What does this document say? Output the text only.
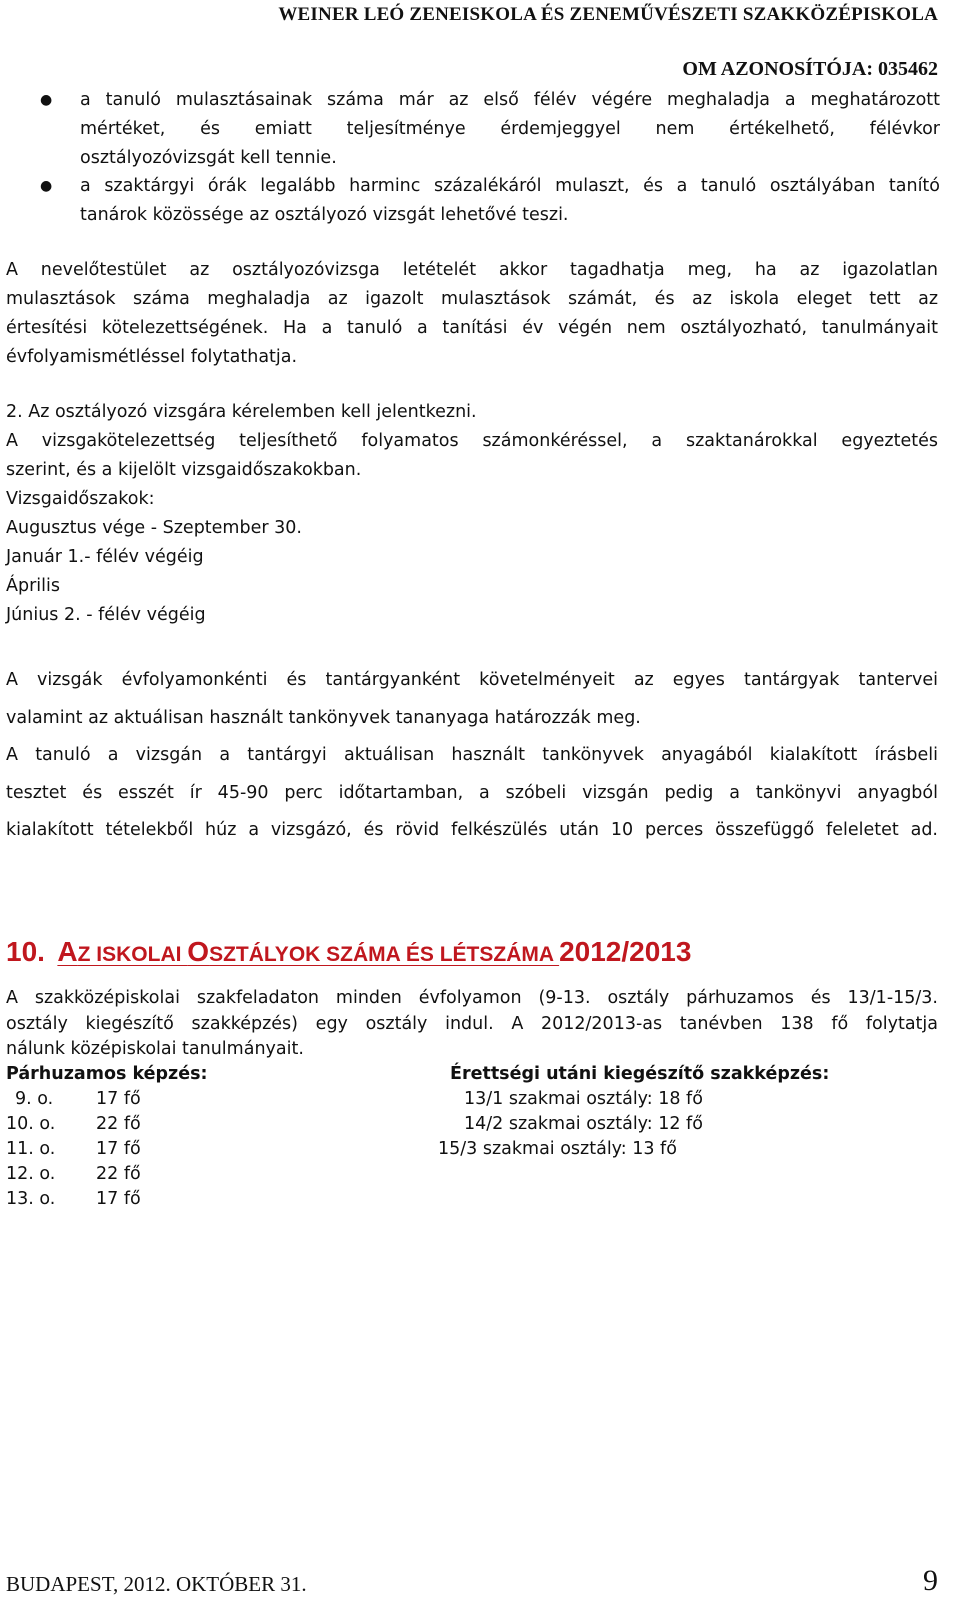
WEINER LEÓ ZENEISKOLA ÉS ZENEMŰVÉSZETI SZAKKÖZÉPISKOLA
OM AZONOSÍTÓJA: 035462
● a tanuló mulasztásainak száma már az első félév végére meghaladja a meghatározott
mértéket, és emiatt teljesítménye érdemjeggyel nem értékelhető, félévkor
osztályozóvizsgát kell tennie.
● a szaktárgyi órák legalább harminc százalékáról mulaszt, és a tanuló osztályában tanító
tanárok közössége az osztályozó vizsgát lehetővé teszi.
A nevelőtestület az osztályozóvizsga letételét akkor tagadhatja meg, ha az igazolatlan
mulasztások száma meghaladja az igazolt mulasztások számát, és az iskola eleget tett az
értesítési kötelezettségének. Ha a tanuló a tanítási év végén nem osztályozható, tanulmányait
évfolyamismétléssel folytathatja.
2. Az osztályozó vizsgára kérelemben kell jelentkezni.
A vizsgakötelezettség teljesíthető folyamatos számonkéréssel, a szaktanárokkal egyeztetés
szerint, és a kijelölt vizsgaidőszakokban.
Vizsgaidőszakok:
Augusztus vége - Szeptember 30.
Január 1.- félév végéig
Április
Június 2. - félév végéig
A vizsgák évfolyamonkénti és tantárgyanként követelményeit az egyes tantárgyak tantervei
valamint az aktuálisan használt tankönyvek tananyaga határozzák meg.
A tanuló a vizsgán a tantárgyi aktuálisan használt tankönyvek anyagából kialakított írásbeli
tesztet és esszét ír 45-90 perc időtartamban, a szóbeli vizsgán pedig a tankönyvi anyagból
kialakított tételekből húz a vizsgázó, és rövid felkészülés után 10 perces összefüggő feleletet ad.
10. AZ ISKOLAI OSZTÁLYOK SZÁMA ÉS LÉTSZÁMA 2012/2013
A szakközépiskolai szakfeladaton minden évfolyamon (9-13. osztály párhuzamos és 13/1-15/3.
osztály kiegészítő szakképzés) egy osztály indul. A 2012/2013-as tanévben 138 fő folytatja
nálunk középiskolai tanulmányait.
Párhuzamos képzés:
9. o. 17 fő
10. o. 22 fő
11. o. 17 fő
12. o. 22 fő
13. o. 17 fő
Érettségi utáni kiegészítő szakképzés:
13/1 szakmai osztály: 18 fő
14/2 szakmai osztály: 12 fő
15/3 szakmai osztály: 13 fő
BUDAPEST, 2012. OKTÓBER 31.	9
